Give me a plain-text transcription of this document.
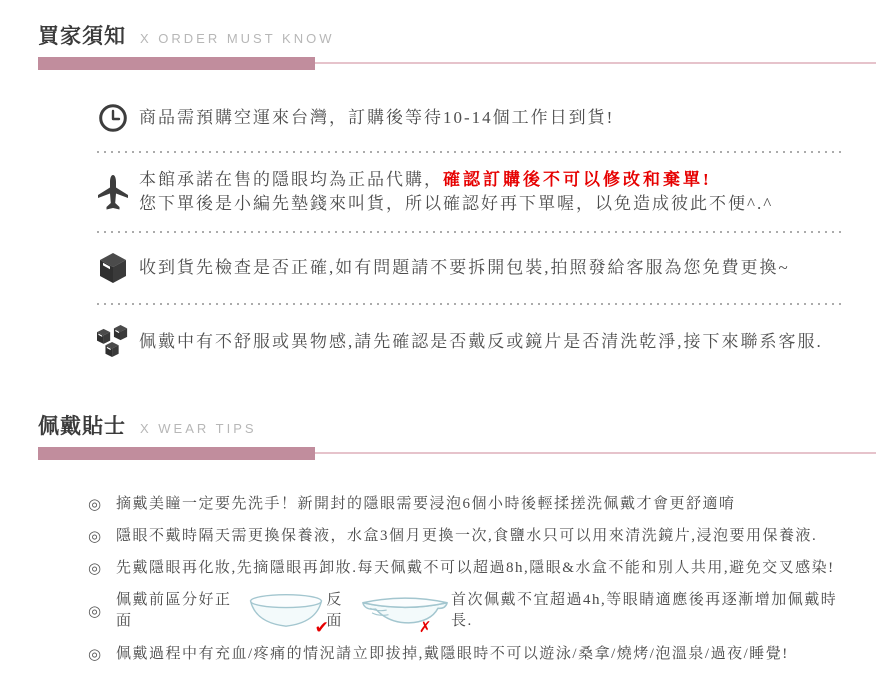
買家須知 X ORDER MUST KNOW

商品需預購空運來台灣，訂購後等待10-14個工作日到貨!

本館承諾在售的隱眼均為正品代購，確認訂購後不可以修改和棄單!

您下單後是小編先墊錢來叫貨，所以確認好再下單喔，以免造成彼此不便^.^

收到貨先檢查是否正確,如有問題請不要拆開包裝,拍照發給客服為您免費更換~

佩戴中有不舒服或異物感,請先確認是否戴反或鏡片是否清洗乾淨,接下來聯系客服.

佩戴貼士 X WEAR TIPS
◎ 摘戴美瞳一定要先洗手！新開封的隱眼需要浸泡6個小時後輕揉搓洗佩戴才會更舒適唷

◎ 隱眼不戴時隔天需更換保養液，水盒3個月更換一次,食鹽水只可以用來清洗鏡片,浸泡要用保養液.

◎ 先戴隱眼再化妝,先摘隱眼再卸妝.每天佩戴不可以超過8h,隱眼&水盒不能和別人共用,避免交叉感染!

◎

佩戴前區分好正面	✔
反面	✗
首次佩戴不宜超過4h,等眼睛適應後再逐漸增加佩戴時長.

◎ 佩戴過程中有充血/疼痛的情況請立即拔掉,戴隱眼時不可以遊泳/桑拿/燒烤/泡溫泉/過夜/睡覺!
